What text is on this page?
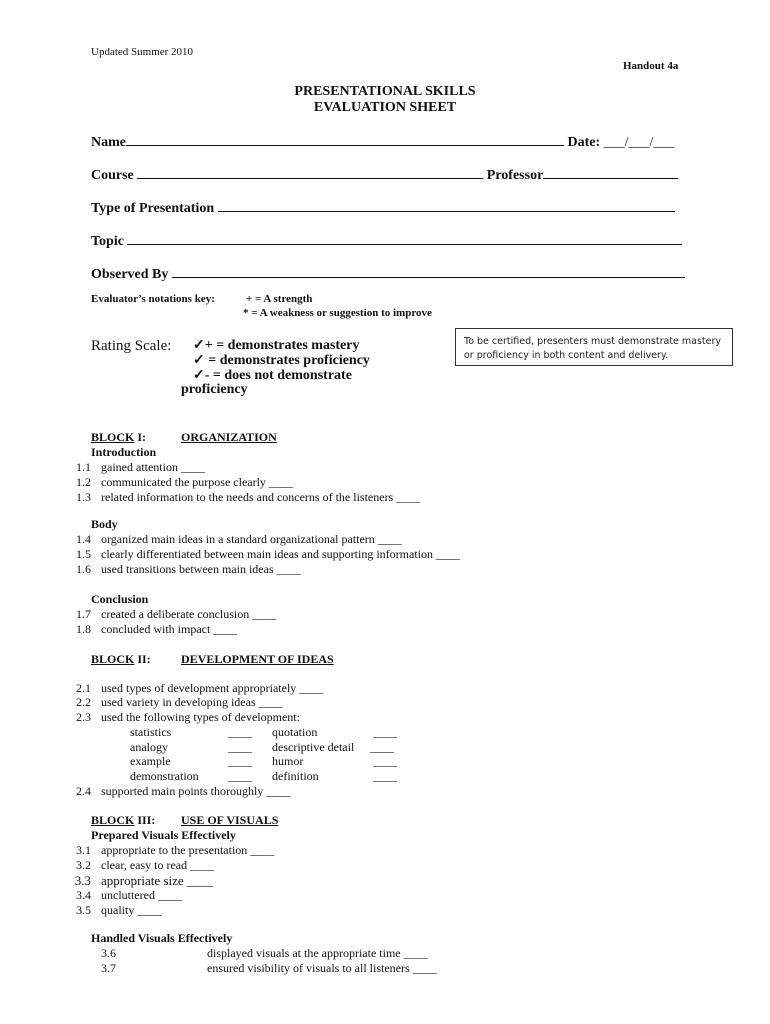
Updated Summer 2010
Handout 4a
PRESENTATIONAL SKILLS
EVALUATION SHEET
Name	Date: ___/___/___
Course	Professor
Type of Presentation
Topic
Observed By
Evaluator’s notations key:	+ = A strength
* = A weakness or suggestion to improve
Rating Scale: ✓+ = demonstrates mastery
✓ = demonstrates proficiency
✓- = does not demonstrate
proficiency
To be certified, presenters must demonstrate mastery or proficiency in both content and delivery.
BLOCK I:	ORGANIZATION
Introduction
1.1 gained attention ____
1.2 communicated the purpose clearly ____
1.3 related information to the needs and concerns of the listeners ____
Body
1.4 organized main ideas in a standard organizational pattern ____
1.5 clearly differentiated between main ideas and supporting information ____
1.6 used transitions between main ideas ____
Conclusion
1.7 created a deliberate conclusion ____
1.8 concluded with impact ____
BLOCK II:	DEVELOPMENT OF IDEAS
2.1 used types of development appropriately ____
2.2 used variety in developing ideas ____
2.3 used the following types of development:
statistics	____ quotation	____
analogy	____ descriptive detail ____
example	____ humor	____
demonstration ____ definition	____
2.4 supported main points thoroughly ____
BLOCK III: USE OF VISUALS
Prepared Visuals Effectively
3.1 appropriate to the presentation ____
3.2 clear, easy to read ____
3.3 appropriate size ____
3.4 uncluttered ____
3.5 quality ____
Handled Visuals Effectively
3.6	displayed visuals at the appropriate time ____
3.7	ensured visibility of visuals to all listeners ____
